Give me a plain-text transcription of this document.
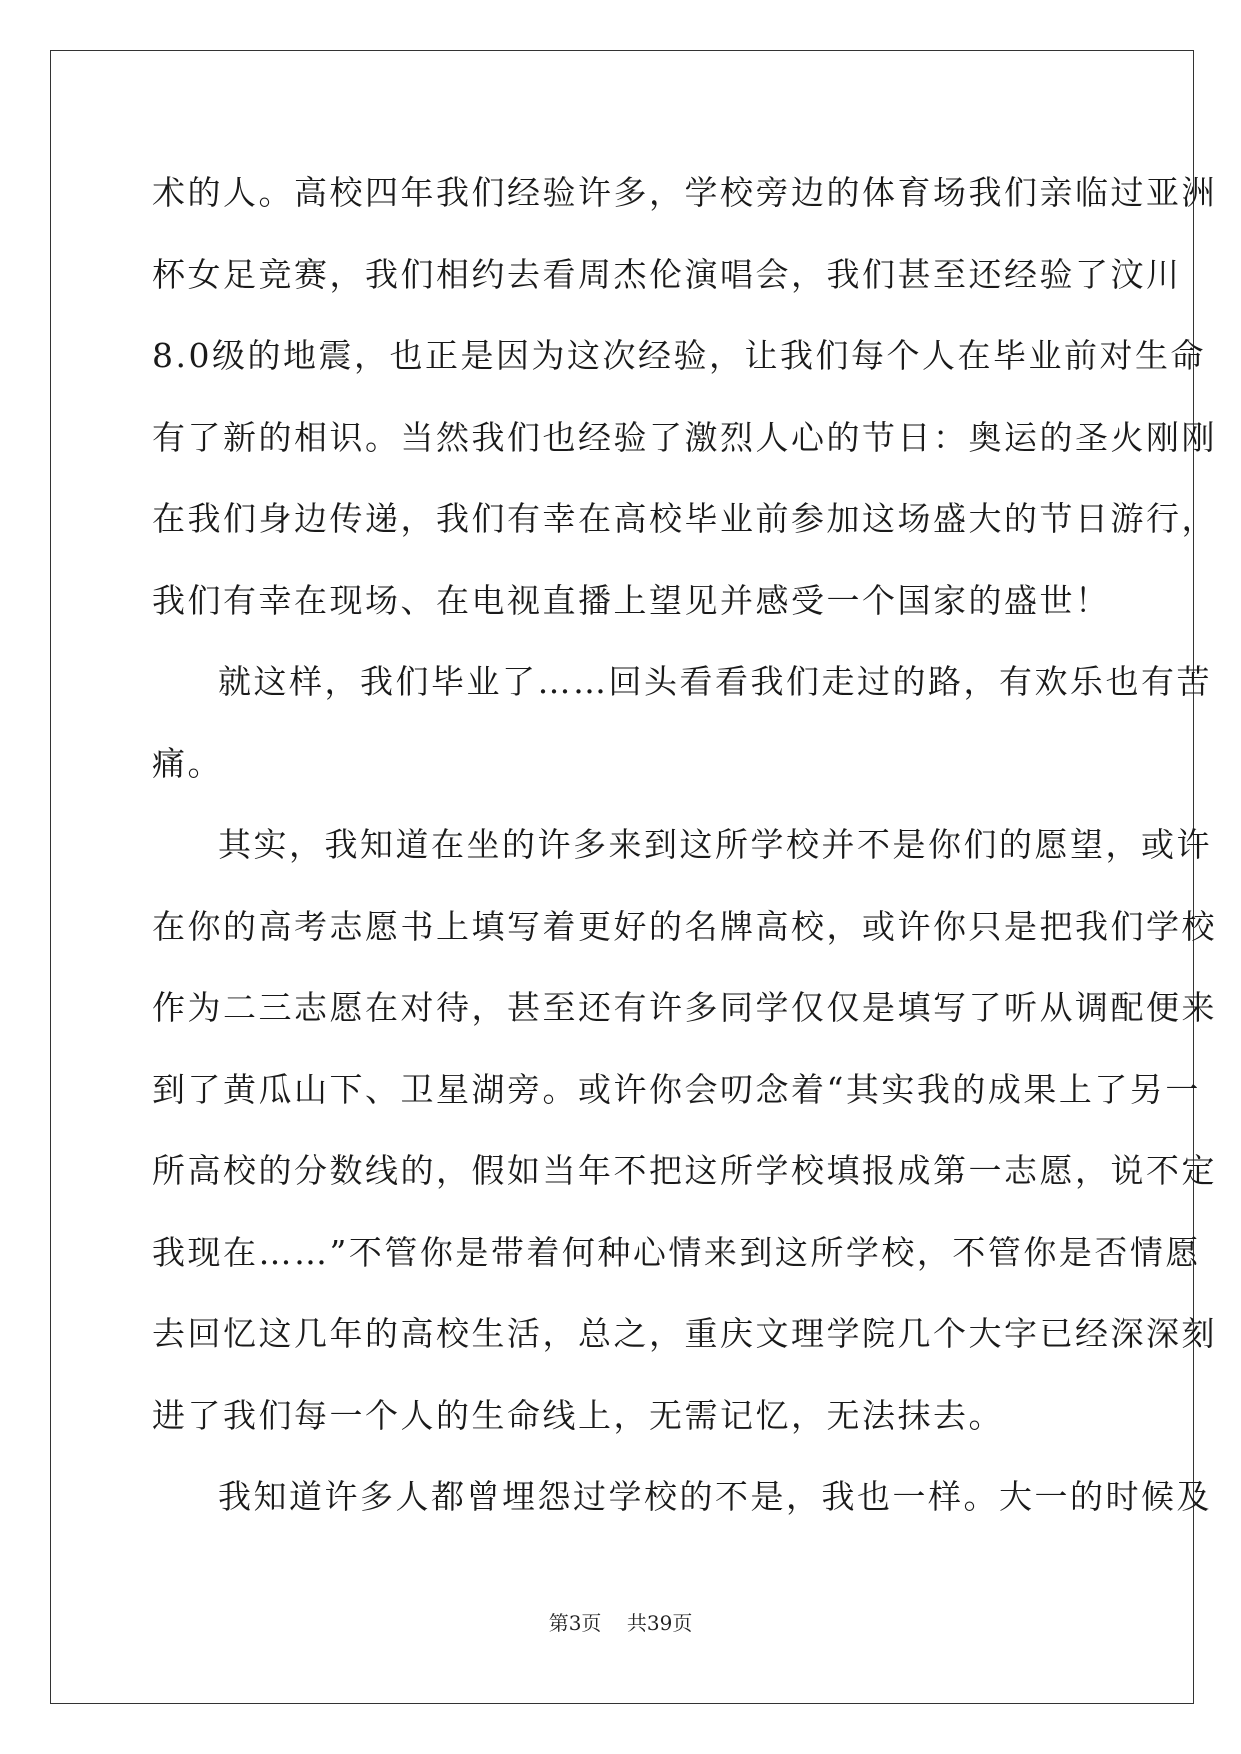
术的人。高校四年我们经验许多，学校旁边的体育场我们亲临过亚洲
杯女足竞赛，我们相约去看周杰伦演唱会，我们甚至还经验了汶川
8.0级的地震，也正是因为这次经验，让我们每个人在毕业前对生命
有了新的相识。当然我们也经验了激烈人心的节日：奥运的圣火刚刚
在我们身边传递，我们有幸在高校毕业前参加这场盛大的节日游行，
我们有幸在现场、在电视直播上望见并感受一个国家的盛世！
就这样，我们毕业了……回头看看我们走过的路，有欢乐也有苦
痛。
其实，我知道在坐的许多来到这所学校并不是你们的愿望，或许
在你的高考志愿书上填写着更好的名牌高校，或许你只是把我们学校
作为二三志愿在对待，甚至还有许多同学仅仅是填写了听从调配便来
到了黄瓜山下、卫星湖旁。或许你会叨念着“其实我的成果上了另一
所高校的分数线的，假如当年不把这所学校填报成第一志愿，说不定
我现在……”不管你是带着何种心情来到这所学校，不管你是否情愿
去回忆这几年的高校生活，总之，重庆文理学院几个大字已经深深刻
进了我们每一个人的生命线上，无需记忆，无法抹去。
我知道许多人都曾埋怨过学校的不是，我也一样。大一的时候及
第3页 共39页
